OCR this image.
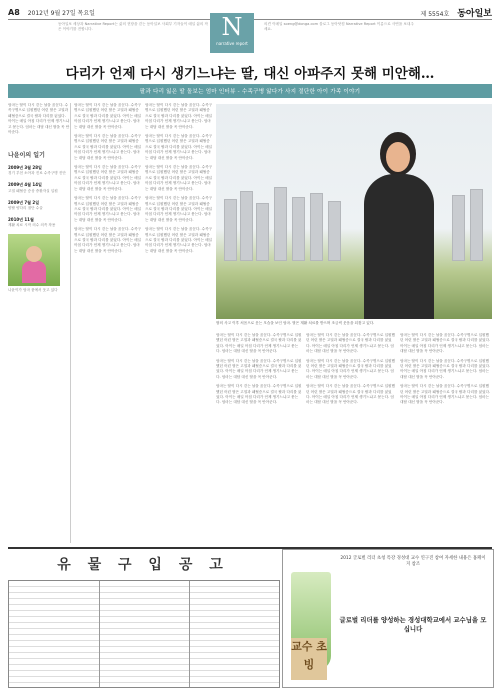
A8 2012년 9월 27일 목요일	제 5554호 동아일보
동아일보 세상과 Narrative Report는 삶의 현장을 걷는 동아일보 사회부 기자들이 매일 삶의 작은 이야기를 전합니다.
의견 이메일 soeng@donga.com 블로그 동아닷컴 Narrative Report 이름으로 사연을 보내주세요.
N
narrative report
다리가 언제 다시 생기느냐는 딸, 대신 아파주지 못해 미안해…
팔과 다리 잃은 딸 돌보는 엄마 인터뷰 - 수족구병 앓다가 사지 절단한 아이 가족 이야기
엄마는 딸이 다시 걷는 날을 꿈꾼다. 수족구병으로 입원했던 어린 딸은 고열과 패혈증으로 결국 팔과 다리를 잃었다. 아이는 매일 아침 다리가 언제 생기느냐고 묻는다. 엄마는 대답 대신 딸을 꼭 안아준다.
나윤이의 일기
2009년 3월 28일

경기 부천 소아과 진료 수족구병 진단

2009년 4월 14일

고열 패혈증 증상 중환자실 입원

2009년 7월 2일

양팔 양다리 절단 수술

2010년 11월

재활 치료 시작 의수 의족 착용

나윤이가 엄마 품에서 웃고 있다

엄마는 딸이 다시 걷는 날을 꿈꾼다. 수족구병으로 입원했던 어린 딸은 고열과 패혈증으로 결국 팔과 다리를 잃었다. 아이는 매일 아침 다리가 언제 생기느냐고 묻는다. 엄마는 대답 대신 딸을 꼭 안아준다.
엄마는 딸이 다시 걷는 날을 꿈꾼다. 수족구병으로 입원했던 어린 딸은 고열과 패혈증으로 결국 팔과 다리를 잃었다. 아이는 매일 아침 다리가 언제 생기느냐고 묻는다. 엄마는 대답 대신 딸을 꼭 안아준다.
엄마는 딸이 다시 걷는 날을 꿈꾼다. 수족구병으로 입원했던 어린 딸은 고열과 패혈증으로 결국 팔과 다리를 잃었다. 아이는 매일 아침 다리가 언제 생기느냐고 묻는다. 엄마는 대답 대신 딸을 꼭 안아준다.
엄마는 딸이 다시 걷는 날을 꿈꾼다. 수족구병으로 입원했던 어린 딸은 고열과 패혈증으로 결국 팔과 다리를 잃었다. 아이는 매일 아침 다리가 언제 생기느냐고 묻는다. 엄마는 대답 대신 딸을 꼭 안아준다.
엄마는 딸이 다시 걷는 날을 꿈꾼다. 수족구병으로 입원했던 어린 딸은 고열과 패혈증으로 결국 팔과 다리를 잃었다. 아이는 매일 아침 다리가 언제 생기느냐고 묻는다. 엄마는 대답 대신 딸을 꼭 안아준다.
엄마는 딸이 다시 걷는 날을 꿈꾼다. 수족구병으로 입원했던 어린 딸은 고열과 패혈증으로 결국 팔과 다리를 잃었다. 아이는 매일 아침 다리가 언제 생기느냐고 묻는다. 엄마는 대답 대신 딸을 꼭 안아준다.
엄마는 딸이 다시 걷는 날을 꿈꾼다. 수족구병으로 입원했던 어린 딸은 고열과 패혈증으로 결국 팔과 다리를 잃었다. 아이는 매일 아침 다리가 언제 생기느냐고 묻는다. 엄마는 대답 대신 딸을 꼭 안아준다.
엄마는 딸이 다시 걷는 날을 꿈꾼다. 수족구병으로 입원했던 어린 딸은 고열과 패혈증으로 결국 팔과 다리를 잃었다. 아이는 매일 아침 다리가 언제 생기느냐고 묻는다. 엄마는 대답 대신 딸을 꼭 안아준다.
엄마는 딸이 다시 걷는 날을 꿈꾼다. 수족구병으로 입원했던 어린 딸은 고열과 패혈증으로 결국 팔과 다리를 잃었다. 아이는 매일 아침 다리가 언제 생기느냐고 묻는다. 엄마는 대답 대신 딸을 꼭 안아준다.
엄마는 딸이 다시 걷는 날을 꿈꾼다. 수족구병으로 입원했던 어린 딸은 고열과 패혈증으로 결국 팔과 다리를 잃었다. 아이는 매일 아침 다리가 언제 생기느냐고 묻는다. 엄마는 대답 대신 딸을 꼭 안아준다.
딸의 사고 이후 처음으로 웃는 모습을 보인 엄마. 딸은 재활 치료를 받으며 조금씩 웃음을 되찾고 있다.
엄마는 딸이 다시 걷는 날을 꿈꾼다. 수족구병으로 입원했던 어린 딸은 고열과 패혈증으로 결국 팔과 다리를 잃었다. 아이는 매일 아침 다리가 언제 생기느냐고 묻는다. 엄마는 대답 대신 딸을 꼭 안아준다.
엄마는 딸이 다시 걷는 날을 꿈꾼다. 수족구병으로 입원했던 어린 딸은 고열과 패혈증으로 결국 팔과 다리를 잃었다. 아이는 매일 아침 다리가 언제 생기느냐고 묻는다. 엄마는 대답 대신 딸을 꼭 안아준다.
엄마는 딸이 다시 걷는 날을 꿈꾼다. 수족구병으로 입원했던 어린 딸은 고열과 패혈증으로 결국 팔과 다리를 잃었다. 아이는 매일 아침 다리가 언제 생기느냐고 묻는다. 엄마는 대답 대신 딸을 꼭 안아준다.
엄마는 딸이 다시 걷는 날을 꿈꾼다. 수족구병으로 입원했던 어린 딸은 고열과 패혈증으로 결국 팔과 다리를 잃었다. 아이는 매일 아침 다리가 언제 생기느냐고 묻는다. 엄마는 대답 대신 딸을 꼭 안아준다.
엄마는 딸이 다시 걷는 날을 꿈꾼다. 수족구병으로 입원했던 어린 딸은 고열과 패혈증으로 결국 팔과 다리를 잃었다. 아이는 매일 아침 다리가 언제 생기느냐고 묻는다. 엄마는 대답 대신 딸을 꼭 안아준다.
엄마는 딸이 다시 걷는 날을 꿈꾼다. 수족구병으로 입원했던 어린 딸은 고열과 패혈증으로 결국 팔과 다리를 잃었다. 아이는 매일 아침 다리가 언제 생기느냐고 묻는다. 엄마는 대답 대신 딸을 꼭 안아준다.
엄마는 딸이 다시 걷는 날을 꿈꾼다. 수족구병으로 입원했던 어린 딸은 고열과 패혈증으로 결국 팔과 다리를 잃었다. 아이는 매일 아침 다리가 언제 생기느냐고 묻는다. 엄마는 대답 대신 딸을 꼭 안아준다.
엄마는 딸이 다시 걷는 날을 꿈꾼다. 수족구병으로 입원했던 어린 딸은 고열과 패혈증으로 결국 팔과 다리를 잃었다. 아이는 매일 아침 다리가 언제 생기느냐고 묻는다. 엄마는 대답 대신 딸을 꼭 안아준다.
엄마는 딸이 다시 걷는 날을 꿈꾼다. 수족구병으로 입원했던 어린 딸은 고열과 패혈증으로 결국 팔과 다리를 잃었다. 아이는 매일 아침 다리가 언제 생기느냐고 묻는다. 엄마는 대답 대신 딸을 꼭 안아준다.
유 물 구 입 공 고	2012 글로벌 리더 초청 특강 경성대 교수 연구진 참여 자세한 내용은 홈페이지 참조
글로벌 리더를 양성하는 경성대학교에서 교수님을 모십니다
교수 초빙
